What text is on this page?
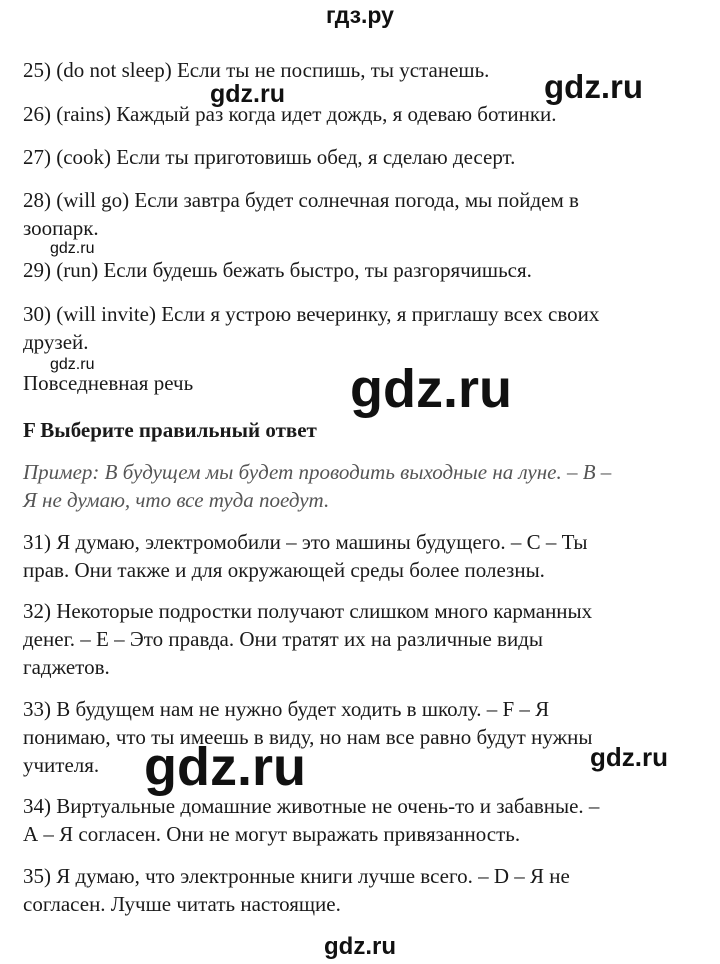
гдз.ру
25) (do not sleep) Если ты не поспишь, ты устанешь.
26) (rains) Каждый раз когда идет дождь, я одеваю ботинки.
27) (cook) Если ты приготовишь обед, я сделаю десерт.
28) (will go) Если завтра будет солнечная погода, мы пойдем в
зоопарк.
29) (run) Если будешь бежать быстро, ты разгорячишься.
30) (will invite) Если я устрою вечеринку, я приглашу всех своих
друзей.
Повседневная речь
F Выберите правильный ответ
Пример: В будущем мы будет проводить выходные на луне. – В –
Я не думаю, что все туда поедут.
31) Я думаю, электромобили – это машины будущего. – С – Ты
прав. Они также и для окружающей среды более полезны.
32) Некоторые подростки получают слишком много карманных
денег. – Е – Это правда. Они тратят их на различные виды
гаджетов.
33) В будущем нам не нужно будет ходить в школу. – F – Я
понимаю, что ты имеешь в виду, но нам все равно будут нужны
учителя.
34) Виртуальные домашние животные не очень-то и забавные. –
А – Я согласен. Они не могут выражать привязанность.
35) Я думаю, что электронные книги лучше всего. – D – Я не
согласен. Лучше читать настоящие.
gdz.ru
gdz.ru
gdz.ru
gdz.ru	gdz.ru
gdz.ru	gdz.ru
gdz.ru
